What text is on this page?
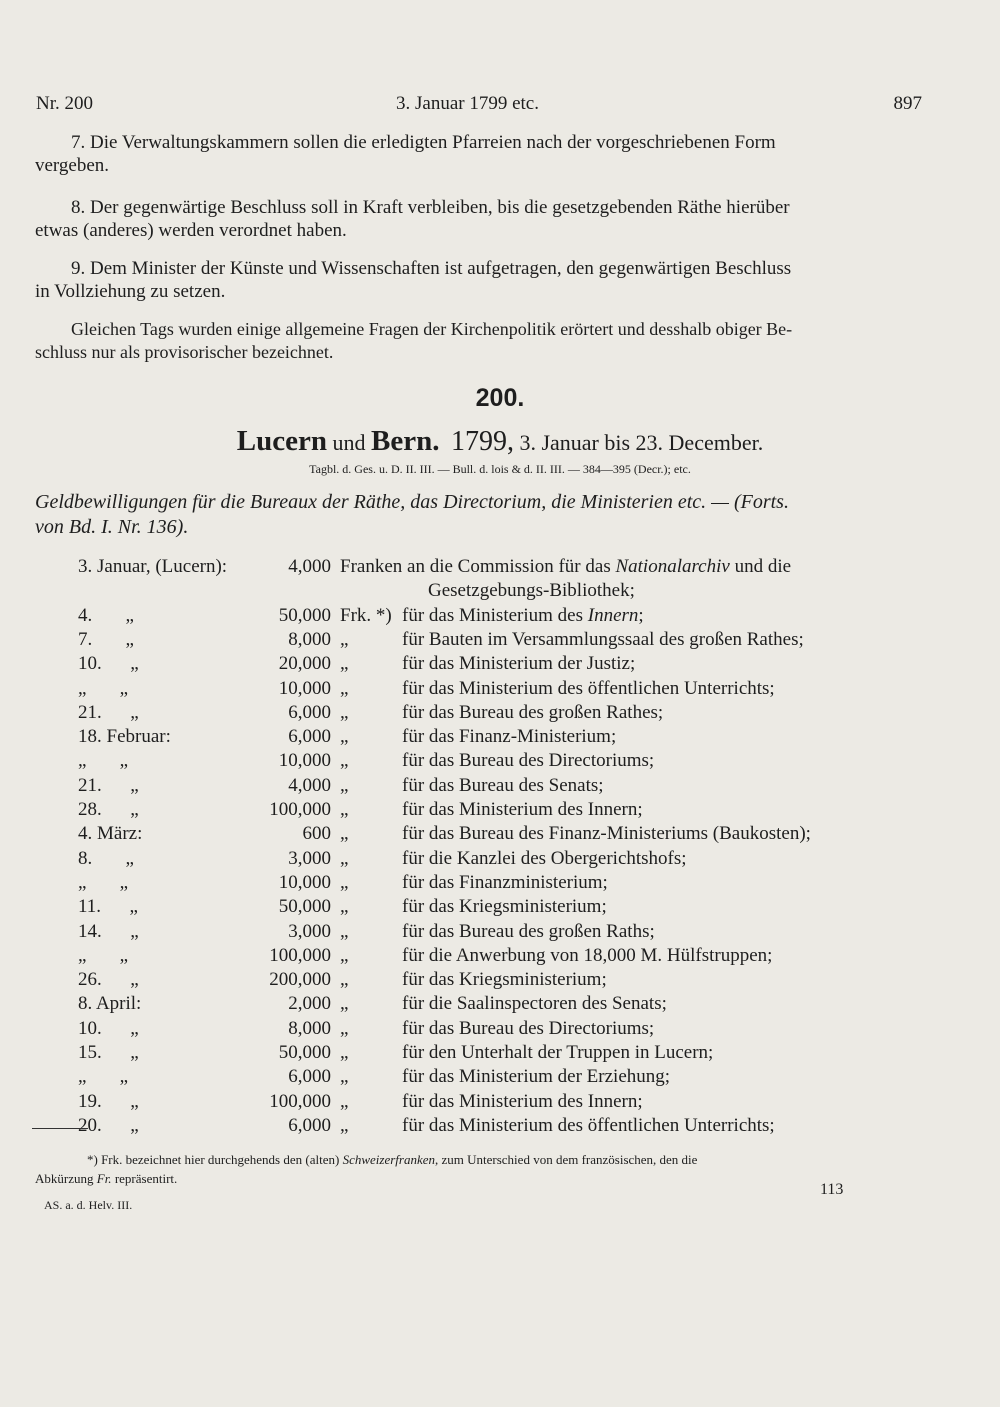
Nr. 200	3. Januar 1799 etc.	897
7. Die Verwaltungskammern sollen die erledigten Pfarreien nach der vorgeschriebenen Form
vergeben.
8. Der gegenwärtige Beschluss soll in Kraft verbleiben, bis die gesetzgebenden Räthe hierüber
etwas (anderes) werden verordnet haben.
9. Dem Minister der Künste und Wissenschaften ist aufgetragen, den gegenwärtigen Beschluss
in Vollziehung zu setzen.
Gleichen Tags wurden einige allgemeine Fragen der Kirchenpolitik erörtert und desshalb obiger Be-
schluss nur als provisorischer bezeichnet.
200.
Lucern und Bern. 1799, 3. Januar bis 23. December.
Tagbl. d. Ges. u. D. II. III. — Bull. d. lois & d. II. III. — 384—395 (Decr.); etc.
Geldbewilligungen für die Bureaux der Räthe, das Directorium, die Ministerien etc. — (Forts.
von Bd. I. Nr. 136).
3. Januar, (Lucern):	4,000 Franken an die Commission für das Nationalarchiv und die
Gesetzgebungs-Bibliothek;
4.       „	50,000 Frk. *) für das Ministerium des Innern;
7.       „	8,000 „	für Bauten im Versammlungssaal des großen Rathes;
10.      „	20,000 „	für das Ministerium der Justiz;
„       „	10,000 „	für das Ministerium des öffentlichen Unterrichts;
21.      „	6,000 „	für das Bureau des großen Rathes;
18. Februar:	6,000 „	für das Finanz-Ministerium;
„       „	10,000 „	für das Bureau des Directoriums;
21.      „	4,000 „	für das Bureau des Senats;
28.      „	100,000 „	für das Ministerium des Innern;
4. März:	600 „	für das Bureau des Finanz-Ministeriums (Baukosten);
8.       „	3,000 „	für die Kanzlei des Obergerichtshofs;
„       „	10,000 „	für das Finanzministerium;
11.      „	50,000 „	für das Kriegsministerium;
14.      „	3,000 „	für das Bureau des großen Raths;
„       „	100,000 „	für die Anwerbung von 18,000 M. Hülfstruppen;
26.      „	200,000 „	für das Kriegsministerium;
8. April:	2,000 „	für die Saalinspectoren des Senats;
10.      „	8,000 „	für das Bureau des Directoriums;
15.      „	50,000 „	für den Unterhalt der Truppen in Lucern;
„       „	6,000 „	für das Ministerium der Erziehung;
19.      „	100,000 „	für das Ministerium des Innern;
20.      „	6,000 „	für das Ministerium des öffentlichen Unterrichts;
*) Frk. bezeichnet hier durchgehends den (alten) Schweizerfranken, zum Unterschied von dem französischen, den die
Abkürzung Fr. repräsentirt.
AS. a. d. Helv. III.
113
